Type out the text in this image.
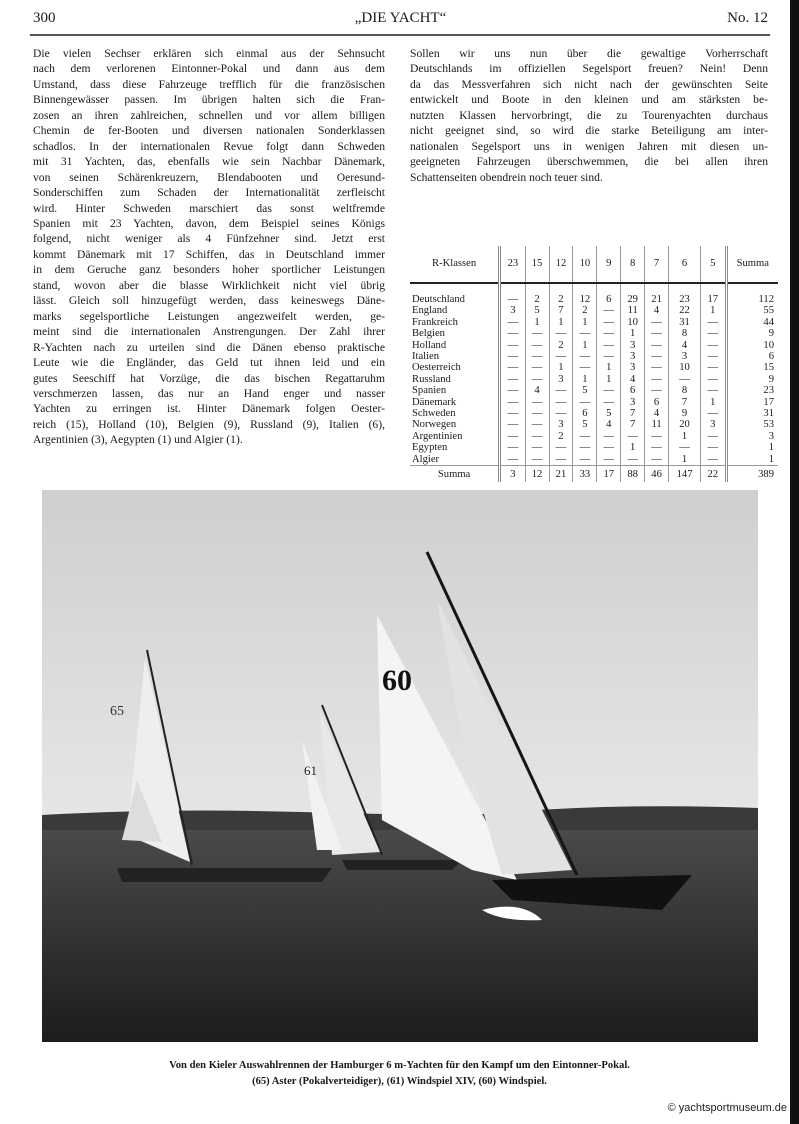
300	„DIE YACHT“	No. 12
Die vielen Sechser erklären sich einmal aus der Sehnsucht
nach dem verlorenen Eintonner-Pokal und dann aus dem
Umstand, dass diese Fahrzeuge trefflich für die französischen
Binnengewässer passen. Im übrigen halten sich die Fran-
zosen an ihren zahlreichen, schnellen und vor allem billigen
Chemin de fer-Booten und diversen nationalen Sonderklassen
schadlos. In der internationalen Revue folgt dann Schweden
mit 31 Yachten, das, ebenfalls wie sein Nachbar Dänemark,
von seinen Schärenkreuzern, Blendabooten und Oeresund-
Sonderschiffen zum Schaden der Internationalität zerfleischt
wird. Hinter Schweden marschiert das sonst weltfremde
Spanien mit 23 Yachten, davon, dem Beispiel seines Königs
folgend, nicht weniger als 4 Fünfzehner sind. Jetzt erst
kommt Dänemark mit 17 Schiffen, das in Deutschland immer
in dem Geruche ganz besonders hoher sportlicher Leistungen
stand, wovon aber die blasse Wirklichkeit nicht viel übrig
lässt. Gleich soll hinzugefügt werden, dass keineswegs Däne-
marks segelsportliche Leistungen angezweifelt werden, ge-
meint sind die internationalen Anstrengungen. Der Zahl ihrer
R-Yachten nach zu urteilen sind die Dänen ebenso praktische
Leute wie die Engländer, das Geld tut ihnen leid und ein
gutes Seeschiff hat Vorzüge, die das bischen Regattaruhm
verschmerzen lassen, das nur an Hand enger und nasser
Yachten zu erringen ist. Hinter Dänemark folgen Oester-
reich (15), Holland (10), Belgien (9), Russland (9), Italien (6),
Argentinien (3), Aegypten (1) und Algier (1).
Sollen wir uns nun über die gewaltige Vorherrschaft
Deutschlands im offiziellen Segelsport freuen? Nein! Denn
da das Messverfahren sich nicht nach der gewünschten Seite
entwickelt und Boote in den kleinen und am stärksten be-
nutzten Klassen hervorbringt, die zu Tourenyachten durchaus
nicht geeignet sind, so wird die starke Beteiligung am inter-
nationalen Segelsport uns in wenigen Jahren mit diesen un-
geeigneten Fahrzeugen überschwemmen, die bei allen ihren
Schattenseiten obendrein noch teuer sind.
R-Klassen	23	15	12	10	9	8	7	6	5	Summa
Deutschland	—	2	2	12	6	29	21	23	17	112
England	3	5	7	2	—	11	4	22	1	55
Frankreich	—	1	1	1	—	10	—	31	—	44
Belgien	—	—	—	—	—	1	—	8	—	9
Holland	—	—	2	1	—	3	—	4	—	10
Italien	—	—	—	—	—	3	—	3	—	6
Oesterreich	—	—	1	—	1	3	—	10	—	15
Russland	—	—	3	1	1	4	—	—	—	9
Spanien	—	4	—	5	—	6	—	8	—	23
Dänemark	—	—	—	—	—	3	6	7	1	17
Schweden	—	—	—	6	5	7	4	9	—	31
Norwegen	—	—	3	5	4	7	11	20	3	53
Argentinien	—	—	2	—	—	—	—	1	—	3
Egypten	—	—	—	—	—	1	—	—	—	1
Algier	—	—	—	—	—	—	—	1	—	1
Summa	3	12	21	33	17	88	46	147	22	389
65
61
60
Von den Kieler Auswahlrennen der Hamburger 6 m-Yachten für den Kampf um den Eintonner-Pokal.
(65) Aster (Pokalverteidiger), (61) Windspiel XIV, (60) Windspiel.
© yachtsportmuseum.de
